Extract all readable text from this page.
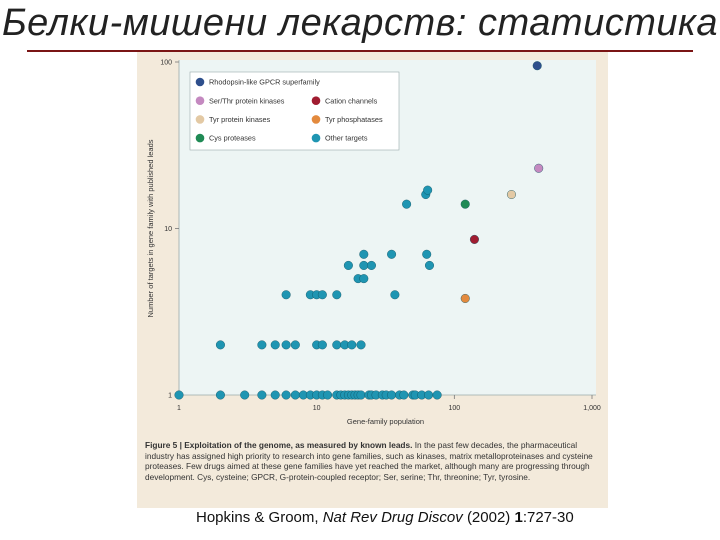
Белки-мишени лекарств: статистика
1	10	100	1,000
1
10
100
Gene-family population
Number of targets in gene family with published leads
Rhodopsin-like GPCR superfamily
Ser/Thr protein kinases
Tyr protein kinases
Cys proteases
Cation channels
Tyr phosphatases
Other targets
Figure 5 | Exploitation of the genome, as measured by known leads. In the past few decades, the pharmaceutical industry has assigned high priority to research into gene families, such as kinases, matrix metalloproteinases and cysteine proteases. Few drugs aimed at these gene families have yet reached the market, although many are progressing through development. Cys, cysteine; GPCR, G-protein-coupled receptor; Ser, serine; Thr, threonine; Tyr, tyrosine.
Hopkins & Groom, Nat Rev Drug Discov (2002) 1:727-30
